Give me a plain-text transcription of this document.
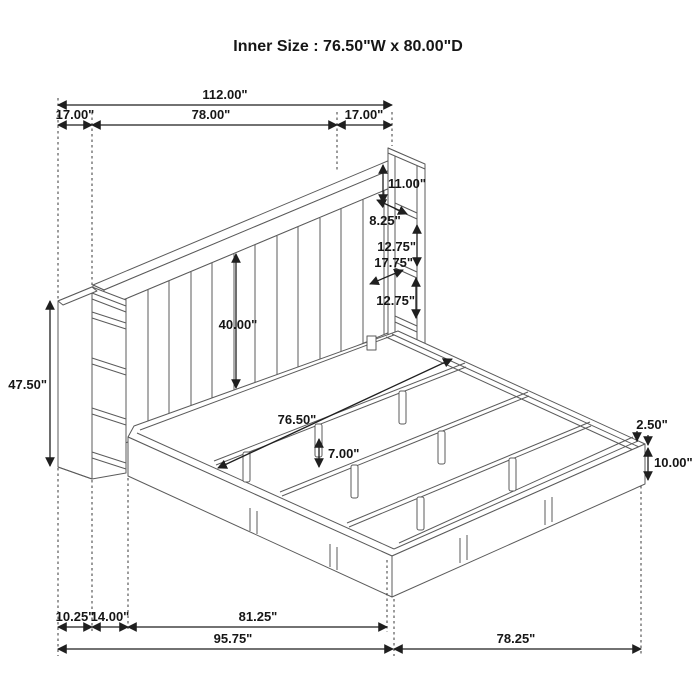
112.00"
17.00"	78.00"	17.00"
11.00"
8.25"
12.75"
17.75"
12.75"
47.50"
40.00"
76.50"
7.00"
2.50"
10.00"
10.25"
14.00"	81.25"
95.75"	78.25"
Inner Size : 76.50"W x 80.00"D
